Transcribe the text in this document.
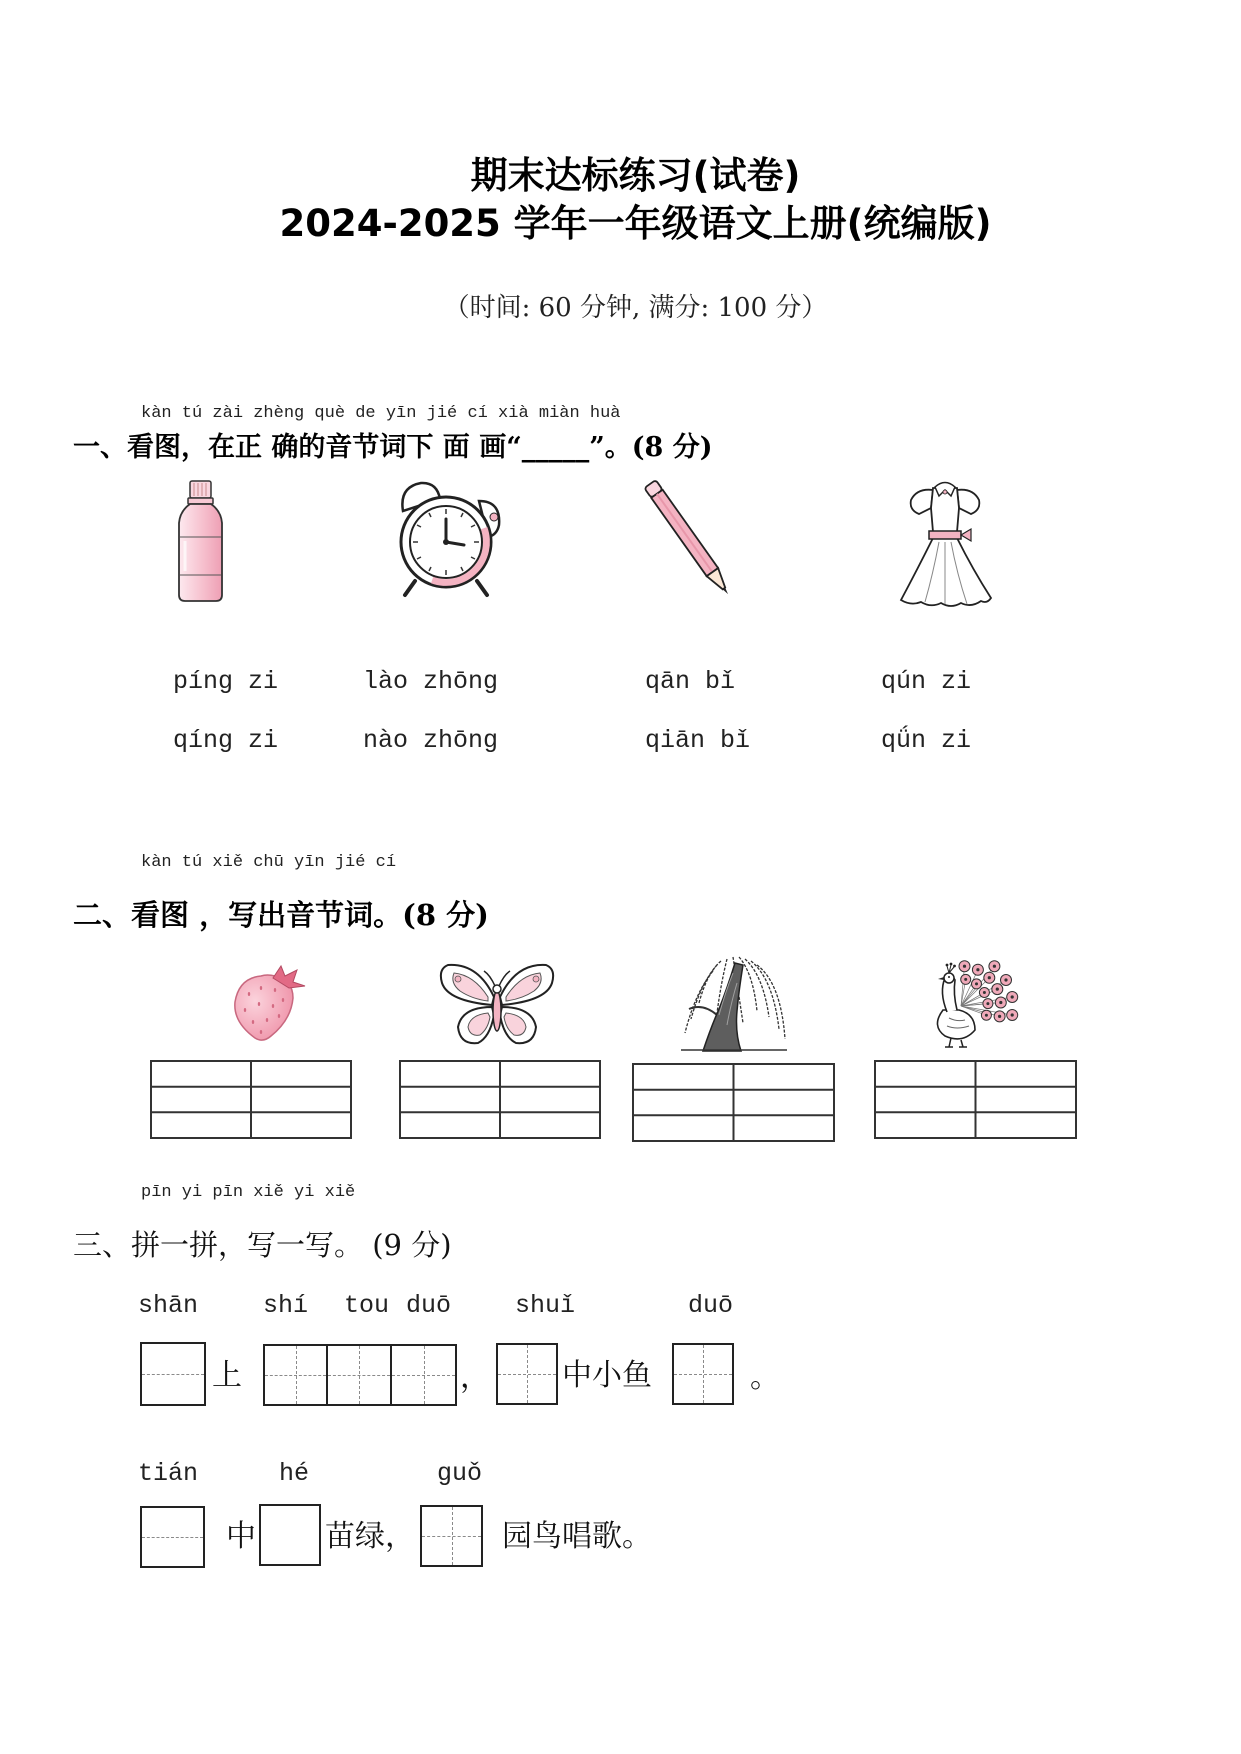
期末达标练习(试卷)
2024-2025 学年一年级语文上册(统编版)
（时间: 60 分钟, 满分: 100 分）
kàn tú zài zhèng què de yīn jié cí xià miàn huà
一、看图，在正 确的音节词下 面 画“_____”。(8 分)
píng zi
qíng zi
lào zhōng
nào zhōng
qān bǐ
qiān bǐ
qún zi
qǘn zi
kàn tú xiě chū yīn jié cí
二、看图 ，写出音节词。(8 分)
pīn yi pīn xiě yi xiě
三、拼一拼，写一写。 (9 分)
shān	shí tou duō	shuǐ	duō
上	， 中小鱼	。
tián	hé	guǒ
中 苗绿，	园鸟唱歌。
